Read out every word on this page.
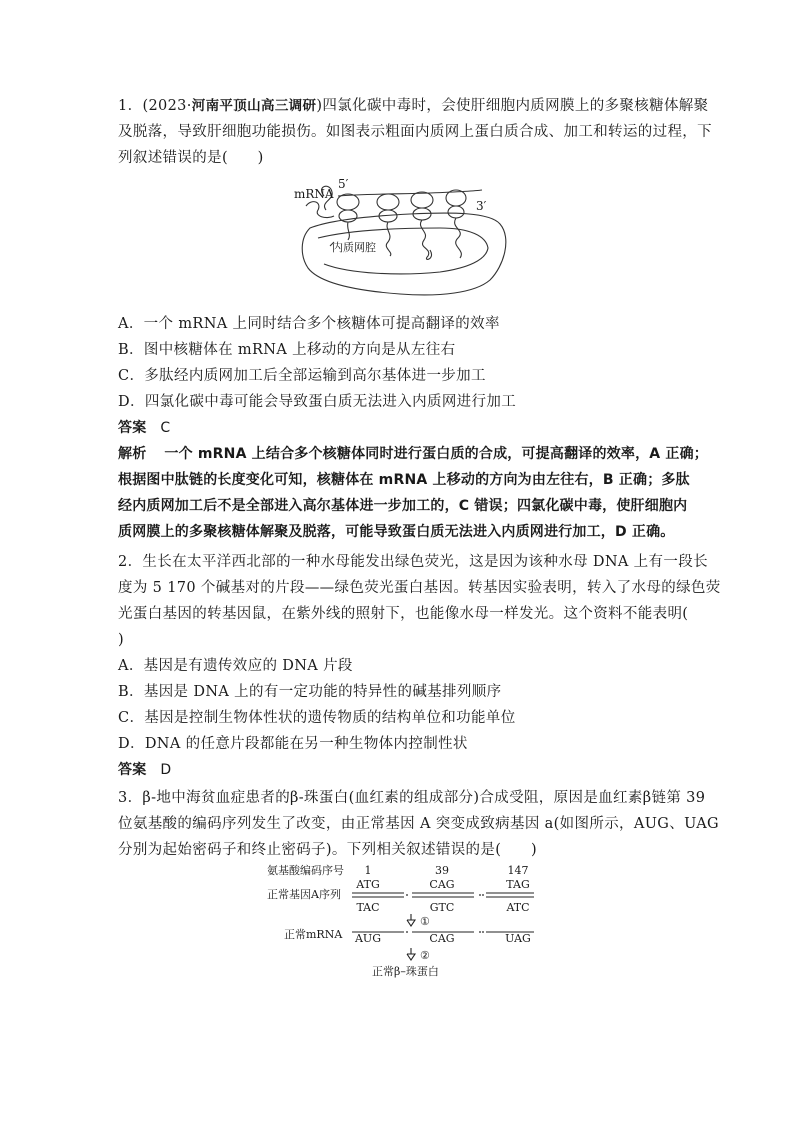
1．(2023·河南平顶山高三调研)四氯化碳中毒时，会使肝细胞内质网膜上的多聚核糖体解聚
及脱落，导致肝细胞功能损伤。如图表示粗面内质网上蛋白质合成、加工和转运的过程，下
列叙述错误的是(　　)
mRNA
5′
3′
内质网腔
A．一个 mRNA 上同时结合多个核糖体可提高翻译的效率
B．图中核糖体在 mRNA 上移动的方向是从左往右
C．多肽经内质网加工后全部运输到高尔基体进一步加工
D．四氯化碳中毒可能会导致蛋白质无法进入内质网进行加工
答案 C
解析 一个 mRNA 上结合多个核糖体同时进行蛋白质的合成，可提高翻译的效率，A 正确；
根据图中肽链的长度变化可知，核糖体在 mRNA 上移动的方向为由左往右，B 正确；多肽
经内质网加工后不是全部进入高尔基体进一步加工的，C 错误；四氯化碳中毒，使肝细胞内
质网膜上的多聚核糖体解聚及脱落，可能导致蛋白质无法进入内质网进行加工，D 正确。
2．生长在太平洋西北部的一种水母能发出绿色荧光，这是因为该种水母 DNA 上有一段长
度为 5 170 个碱基对的片段——绿色荧光蛋白基因。转基因实验表明，转入了水母的绿色荧
光蛋白基因的转基因鼠，在紫外线的照射下，也能像水母一样发光。这个资料不能表明(
)
A．基因是有遗传效应的 DNA 片段
B．基因是 DNA 上的有一定功能的特异性的碱基排列顺序
C．基因是控制生物体性状的遗传物质的结构单位和功能单位
D．DNA 的任意片段都能在另一种生物体内控制性状
答案 D
3．β-地中海贫血症患者的β-珠蛋白(血红素的组成部分)合成受阻，原因是血红素β链第 39
位氨基酸的编码序列发生了改变，由正常基因 A 突变成致病基因 a(如图所示，AUG、UAG
分别为起始密码子和终止密码子)。下列相关叙述错误的是(　　)
氨基酸编码序号
正常基因A序列
正常mRNA
1	39	147
ATG	CAG	TAG
TAC	GTC	ATC
AUG	CAG	UAG
①
②
正常β–珠蛋白
